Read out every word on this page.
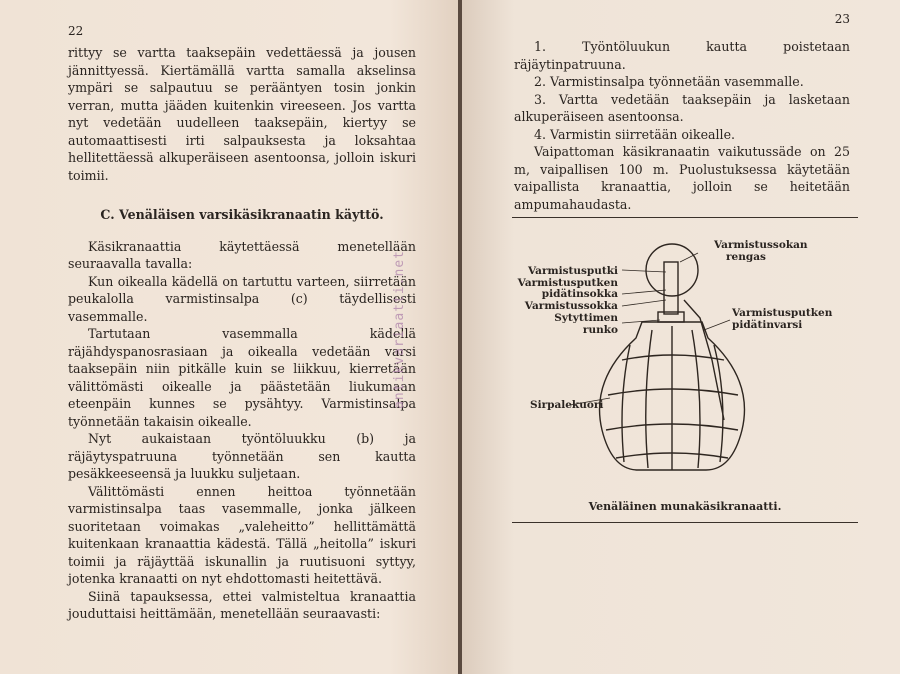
22

rittyy se vartta taaksepäin vedettäessä ja jousen jännittyessä. Kiertämällä vartta samalla akselinsa ympäri se salpautuu se perääntyen tosin jonkin verran, mutta jääden kuitenkin vireeseen. Jos vartta nyt vedetään uudelleen taaksepäin, kiertyy se automaattisesti irti salpauksesta ja loksahtaa hellitettäessä alkuperäiseen asentoonsa, jolloin iskuri toimii.

C. Venäläisen varsikäsikranaatin käyttö.

Käsikranaattia käytettäessä menetellään seuraavalla tavalla:

Kun oikealla kädellä on tartuttu varteen, siirretään peukalolla varmistinsalpa (c) täydellisesti vasemmalle.

Tartutaan vasemmalla kädellä räjähdyspanosrasiaan ja oikealla vedetään varsi taaksepäin niin pitkälle kuin se liikkuu, kierretään välittömästi oikealle ja päästetään liukumaan eteenpäin kunnes se pysähtyy. Varmistinsalpa työnnetään takaisin oikealle.

Nyt aukaistaan työntöluukku (b) ja räjäytyspatruuna työnnetään sen kautta pesäkkeeseensä ja luukku suljetaan.

Välittömästi ennen heittoa työnnetään varmistinsalpa taas vasemmalle, jonka jälkeen suoritetaan voimakas „valeheitto” hellittämättä kuitenkaan kranaattia kädestä. Tällä „heitolla” iskuri toimii ja räjäyttää iskunallin ja ruutisuoni syttyy, jotenka kranaatti on nyt ehdottomasti heitettävä.

Siinä tapauksessa, ettei valmisteltua kranaattia jouduttaisi heittämään, menetellään seuraavasti:

antikvariaatti.net
23

1. Työntöluukun kautta poistetaan räjäytinpatruuna.

2. Varmistinsalpa työnnetään vasemmalle.

3. Vartta vedetään taaksepäin ja lasketaan alkuperäiseen asentoonsa.

4. Varmistin siirretään oikealle.

Vaipattoman käsikranaatin vaikutussäde on 25 m, vaipallisen 100 m. Puolustuksessa käytetään vaipallista kranaattia, jolloin se heitetään ampumahaudasta.

Varmistusputki
Varmistusputken
pidätinsokka
Varmistussokka
Sytyttimen
runko
Varmistussokan
rengas
Varmistusputken
pidätinvarsi
Sirpalekuori
Venäläinen munakäsikranaatti.
